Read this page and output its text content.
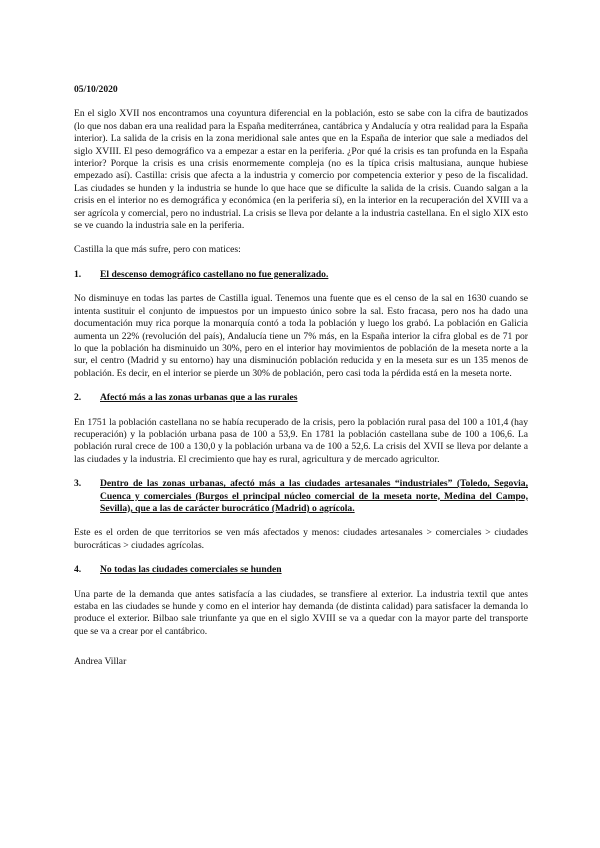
05/10/2020

En el siglo XVII nos encontramos una coyuntura diferencial en la población, esto se sabe con la cifra de bautizados (lo que nos daban era una realidad para la España mediterránea, cantábrica y Andalucía y otra realidad para la España interior). La salida de la crisis en la zona meridional sale antes que en la España de interior que sale a mediados del siglo XVIII. El peso demográfico va a empezar a estar en la periferia. ¿Por qué la crisis es tan profunda en la España interior? Porque la crisis es una crisis enormemente compleja (no es la típica crisis maltusiana, aunque hubiese empezado así). Castilla: crisis que afecta a la industria y comercio por competencia exterior y peso de la fiscalidad. Las ciudades se hunden y la industria se hunde lo que hace que se dificulte la salida de la crisis. Cuando salgan a la crisis en el interior no es demográfica y económica (en la periferia sí), en la interior en la recuperación del XVIII va a ser agrícola y comercial, pero no industrial. La crisis se lleva por delante a la industria castellana. En el siglo XIX esto se ve cuando la industria sale en la periferia.

Castilla la que más sufre, pero con matices:

1.	El descenso demográfico castellano no fue generalizado.

No disminuye en todas las partes de Castilla igual. Tenemos una fuente que es el censo de la sal en 1630 cuando se intenta sustituir el conjunto de impuestos por un impuesto único sobre la sal. Esto fracasa, pero nos ha dado una documentación muy rica porque la monarquía contó a toda la población y luego los grabó. La población en Galicia aumenta un 22% (revolución del país), Andalucía tiene un 7% más, en la España interior la cifra global es de 71 por lo que la población ha disminuido un 30%, pero en el interior hay movimientos de población de la meseta norte a la sur, el centro (Madrid y su entorno) hay una disminución población reducida y en la meseta sur es un 135 menos de población. Es decir, en el interior se pierde un 30% de población, pero casi toda la pérdida está en la meseta norte.

2.	Afectó más a las zonas urbanas que a las rurales

En 1751 la población castellana no se había recuperado de la crisis, pero la población rural pasa del 100 a 101,4 (hay recuperación) y la población urbana pasa de 100 a 53,9. En 1781 la población castellana sube de 100 a 106,6. La población rural crece de 100 a 130,0 y la población urbana va de 100 a 52,6. La crisis del XVII se lleva por delante a las ciudades y la industria. El crecimiento que hay es rural, agricultura y de mercado agricultor.

3.	Dentro de las zonas urbanas, afectó más a las ciudades artesanales “industriales” (Toledo, Segovia, Cuenca y comerciales (Burgos el principal núcleo comercial de la meseta norte, Medina del Campo, Sevilla), que a las de carácter burocrático (Madrid) o agrícola.

Este es el orden de que territorios se ven más afectados y menos: ciudades artesanales > comerciales > ciudades burocráticas > ciudades agrícolas.

4.	No todas las ciudades comerciales se hunden

Una parte de la demanda que antes satisfacía a las ciudades, se transfiere al exterior. La industria textil que antes estaba en las ciudades se hunde y como en el interior hay demanda (de distinta calidad) para satisfacer la demanda lo produce el exterior. Bilbao sale triunfante ya que en el siglo XVIII se va a quedar con la mayor parte del transporte que se va a crear por el cantábrico.

Andrea Villar
